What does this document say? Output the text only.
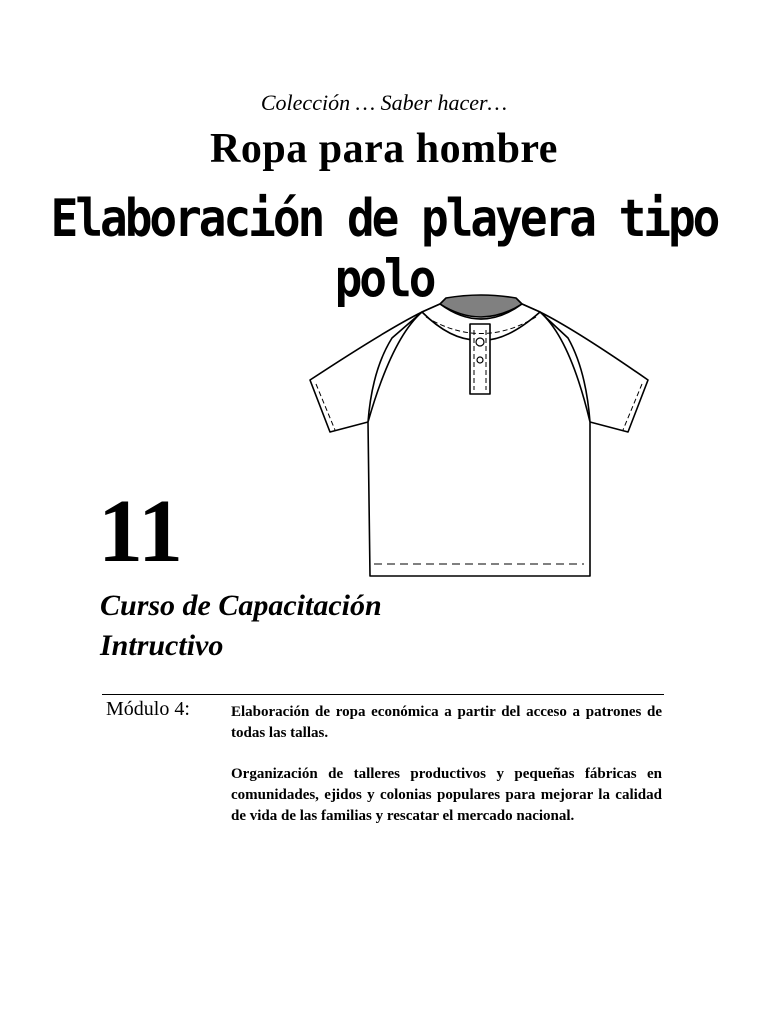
Colección … Saber hacer…
Ropa para hombre
Elaboración de playera tipo polo
11
Curso de Capacitación
Intructivo
Módulo 4:	Elaboración de ropa económica a partir del acceso a patrones de todas las tallas.

Organización de talleres productivos y pequeñas fábricas en comunidades, ejidos y colonias populares para mejorar la calidad de vida de las familias y rescatar el mercado nacional.
